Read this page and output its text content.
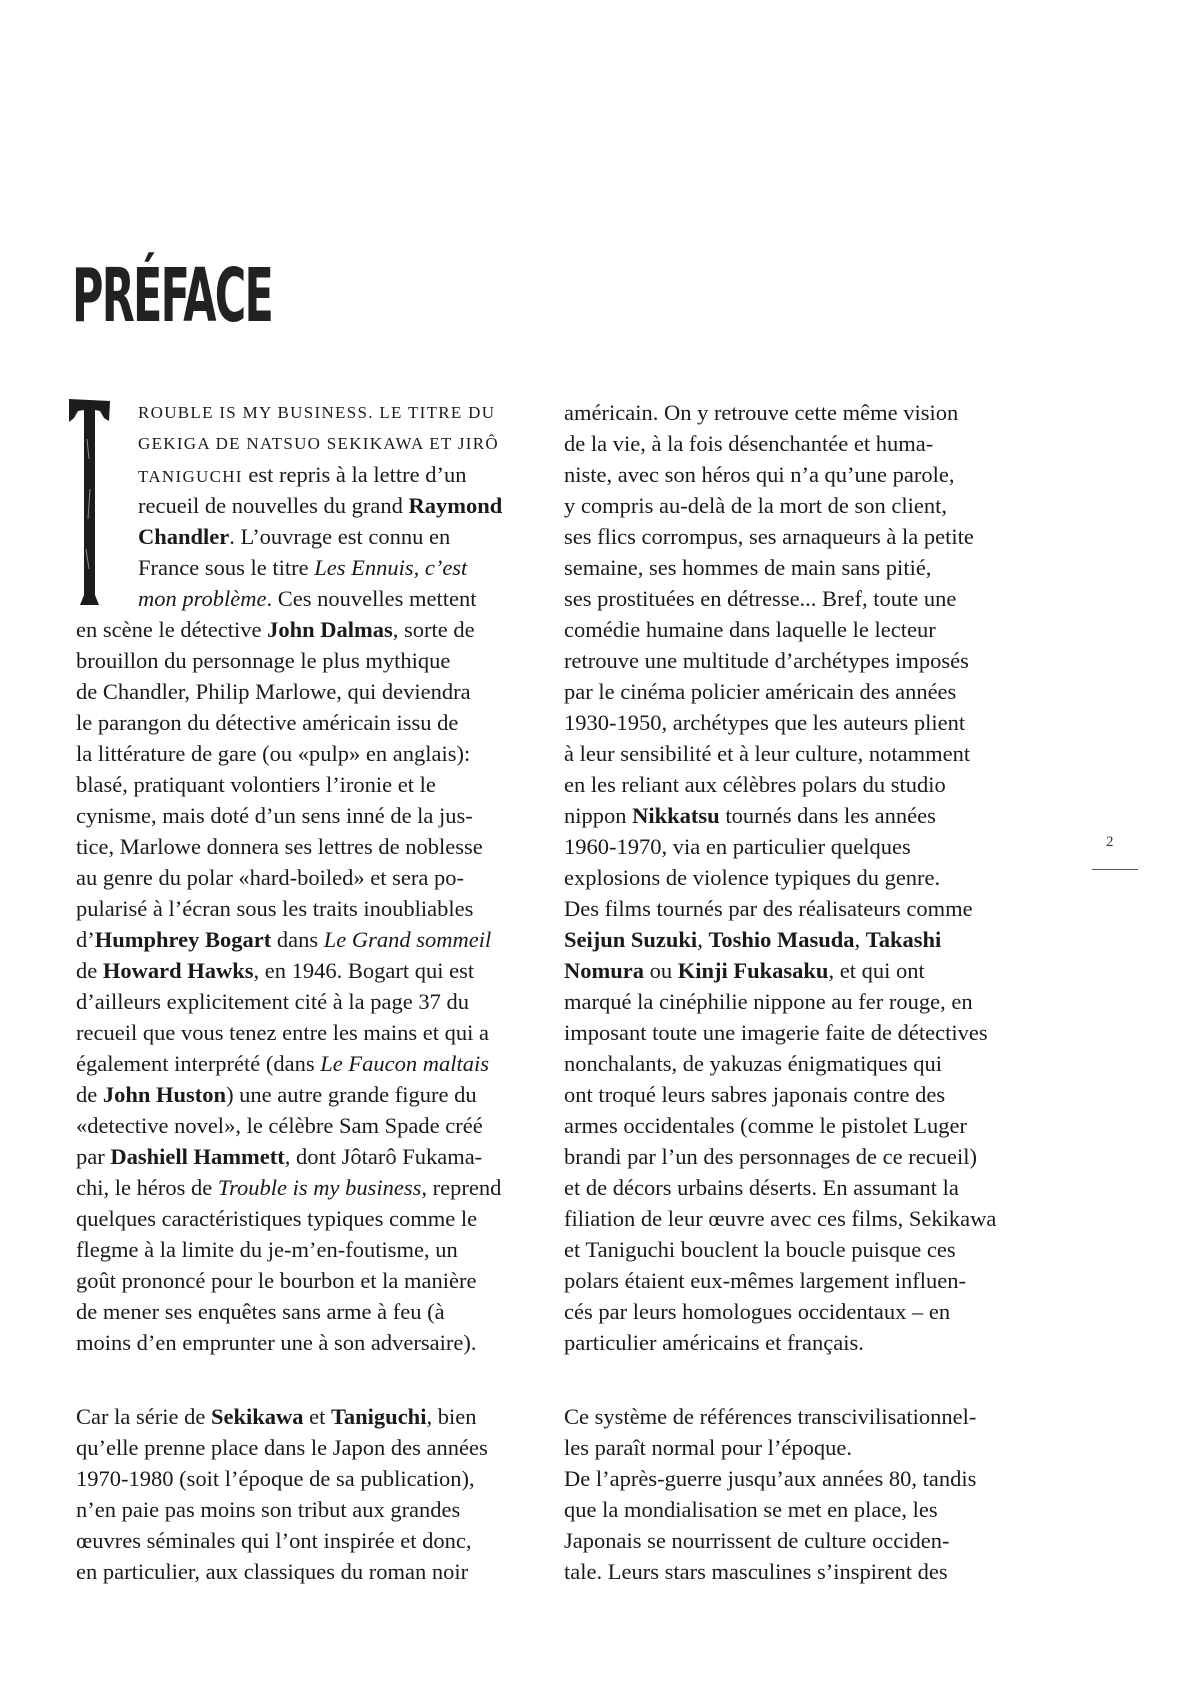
PRÉFACE
ROUBLE IS MY BUSINESS. LE TITRE DU
GEKIGA DE NATSUO SEKIKAWA ET JIRÔ
TANIGUCHI est repris à la lettre d’un
recueil de nouvelles du grand Raymond
Chandler. L’ouvrage est connu en
France sous le titre Les Ennuis, c’est
mon problème. Ces nouvelles mettent
en scène le détective John Dalmas, sorte de
brouillon du personnage le plus mythique
de Chandler, Philip Marlowe, qui deviendra
le parangon du détective américain issu de
la littérature de gare (ou «pulp» en anglais):
blasé, pratiquant volontiers l’ironie et le
cynisme, mais doté d’un sens inné de la jus-
tice, Marlowe donnera ses lettres de noblesse
au genre du polar «hard-boiled» et sera po-
pularisé à l’écran sous les traits inoubliables
d’Humphrey Bogart dans Le Grand sommeil
de Howard Hawks, en 1946. Bogart qui est
d’ailleurs explicitement cité à la page 37 du
recueil que vous tenez entre les mains et qui a
également interprété (dans Le Faucon maltais
de John Huston) une autre grande figure du
«detective novel», le célèbre Sam Spade créé
par Dashiell Hammett, dont Jôtarô Fukama-
chi, le héros de Trouble is my business, reprend
quelques caractéristiques typiques comme le
flegme à la limite du je-m’en-foutisme, un
goût prononcé pour le bourbon et la manière
de mener ses enquêtes sans arme à feu (à
moins d’en emprunter une à son adversaire).
Car la série de Sekikawa et Taniguchi, bien
qu’elle prenne place dans le Japon des années
1970-1980 (soit l’époque de sa publication),
n’en paie pas moins son tribut aux grandes
œuvres séminales qui l’ont inspirée et donc,
en particulier, aux classiques du roman noir
américain. On y retrouve cette même vision
de la vie, à la fois désenchantée et huma-
niste, avec son héros qui n’a qu’une parole,
y compris au-delà de la mort de son client,
ses flics corrompus, ses arnaqueurs à la petite
semaine, ses hommes de main sans pitié,
ses prostituées en détresse... Bref, toute une
comédie humaine dans laquelle le lecteur
retrouve une multitude d’archétypes imposés
par le cinéma policier américain des années
1930-1950, archétypes que les auteurs plient
à leur sensibilité et à leur culture, notamment
en les reliant aux célèbres polars du studio
nippon Nikkatsu tournés dans les années
1960-1970, via en particulier quelques
explosions de violence typiques du genre.
Des films tournés par des réalisateurs comme
Seijun Suzuki, Toshio Masuda, Takashi
Nomura ou Kinji Fukasaku, et qui ont
marqué la cinéphilie nippone au fer rouge, en
imposant toute une imagerie faite de détectives
nonchalants, de yakuzas énigmatiques qui
ont troqué leurs sabres japonais contre des
armes occidentales (comme le pistolet Luger
brandi par l’un des personnages de ce recueil)
et de décors urbains déserts. En assumant la
filiation de leur œuvre avec ces films, Sekikawa
et Taniguchi bouclent la boucle puisque ces
polars étaient eux-mêmes largement influen-
cés par leurs homologues occidentaux – en
particulier américains et français.
Ce système de références transcivilisationnel-
les paraît normal pour l’époque.
De l’après-guerre jusqu’aux années 80, tandis
que la mondialisation se met en place, les
Japonais se nourrissent de culture occiden-
tale. Leurs stars masculines s’inspirent des
2
